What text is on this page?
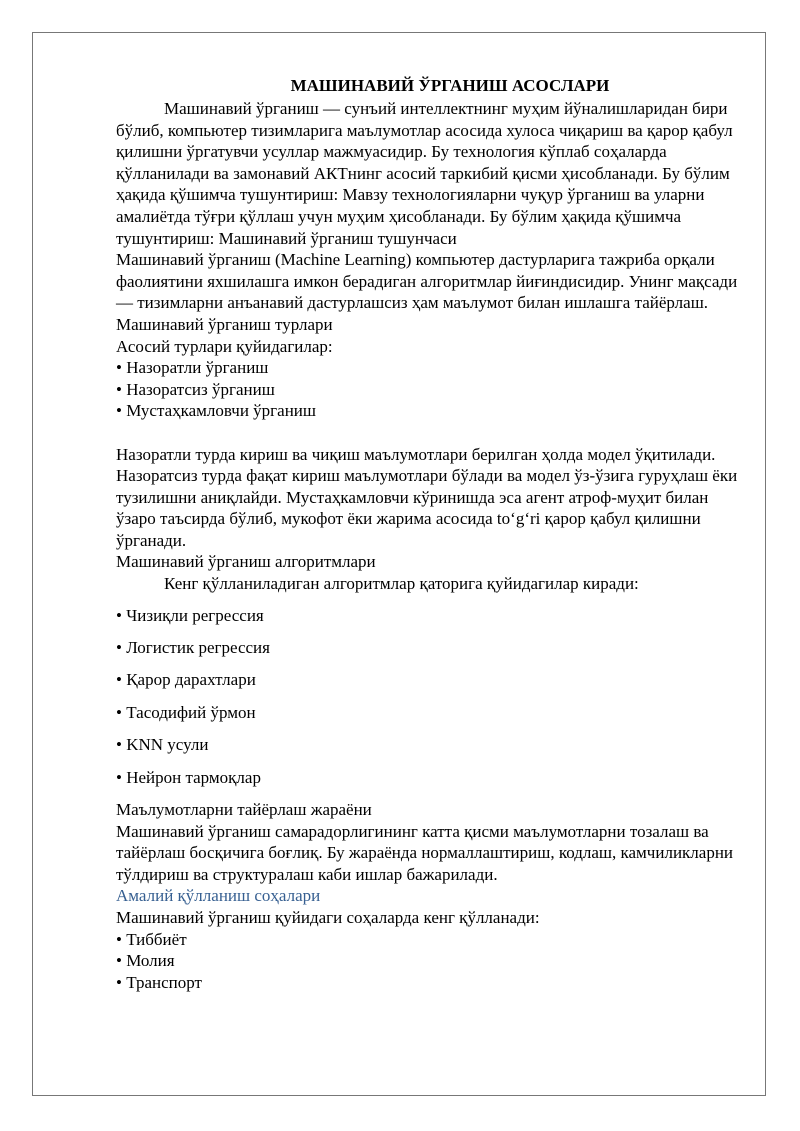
МАШИНАВИЙ ЎРГАНИШ АСОСЛАРИ

Машинавий ўрганиш — сунъий интеллектнинг муҳим йўналишларидан бири бўлиб, компьютер тизимларига маълумотлар асосида хулоса чиқариш ва қарор қабул қилишни ўргатувчи усуллар мажмуасидир. Бу технология кўплаб соҳаларда қўлланилади ва замонавий АКТнинг асосий таркибий қисми ҳисобланади. Бу бўлим ҳақида қўшимча тушунтириш: Мавзу технологияларни чуқур ўрганиш ва уларни амалиётда тўғри қўллаш учун муҳим ҳисобланади. Бу бўлим ҳақида қўшимча тушунтириш: Машинавий ўрганиш тушунчаси

Машинавий ўрганиш (Machine Learning) компьютер дастурларига тажриба орқали фаолиятини яхшилашга имкон берадиган алгоритмлар йиғиндисидир. Унинг мақсади — тизимларни анъанавий дастурлашсиз ҳам маълумот билан ишлашга тайёрлаш.

Машинавий ўрганиш турлари

Асосий турлари қуйидагилар:

• Назоратли ўрганиш

• Назоратсиз ўрганиш

• Мустаҳкамловчи ўрганиш

Назоратли турда кириш ва чиқиш маълумотлари берилган ҳолда модел ўқитилади. Назоратсиз турда фақат кириш маълумотлари бўлади ва модел ўз-ўзига гуруҳлаш ёки тузилишни аниқлайди. Мустаҳкамловчи кўринишда эса агент атроф-муҳит билан ўзаро таъсирда бўлиб, мукофот ёки жарима асосида to‘g‘ri қарор қабул қилишни ўрганади.

Машинавий ўрганиш алгоритмлари

Кенг қўлланиладиган алгоритмлар қаторига қуйидагилар киради:

• Чизиқли регрессия

• Логистик регрессия

• Қарор дарахтлари

• Тасодифий ўрмон

• KNN усули

• Нейрон тармоқлар

Маълумотларни тайёрлаш жараёни

Машинавий ўрганиш самарадорлигининг катта қисми маълумотларни тозалаш ва тайёрлаш босқичига боғлиқ. Бу жараёнда нормаллаштириш, кодлаш, камчиликларни тўлдириш ва структуралаш каби ишлар бажарилади.

Амалий қўлланиш соҳалари

Машинавий ўрганиш қуйидаги соҳаларда кенг қўлланади:

• Тиббиёт

• Молия

• Транспорт
